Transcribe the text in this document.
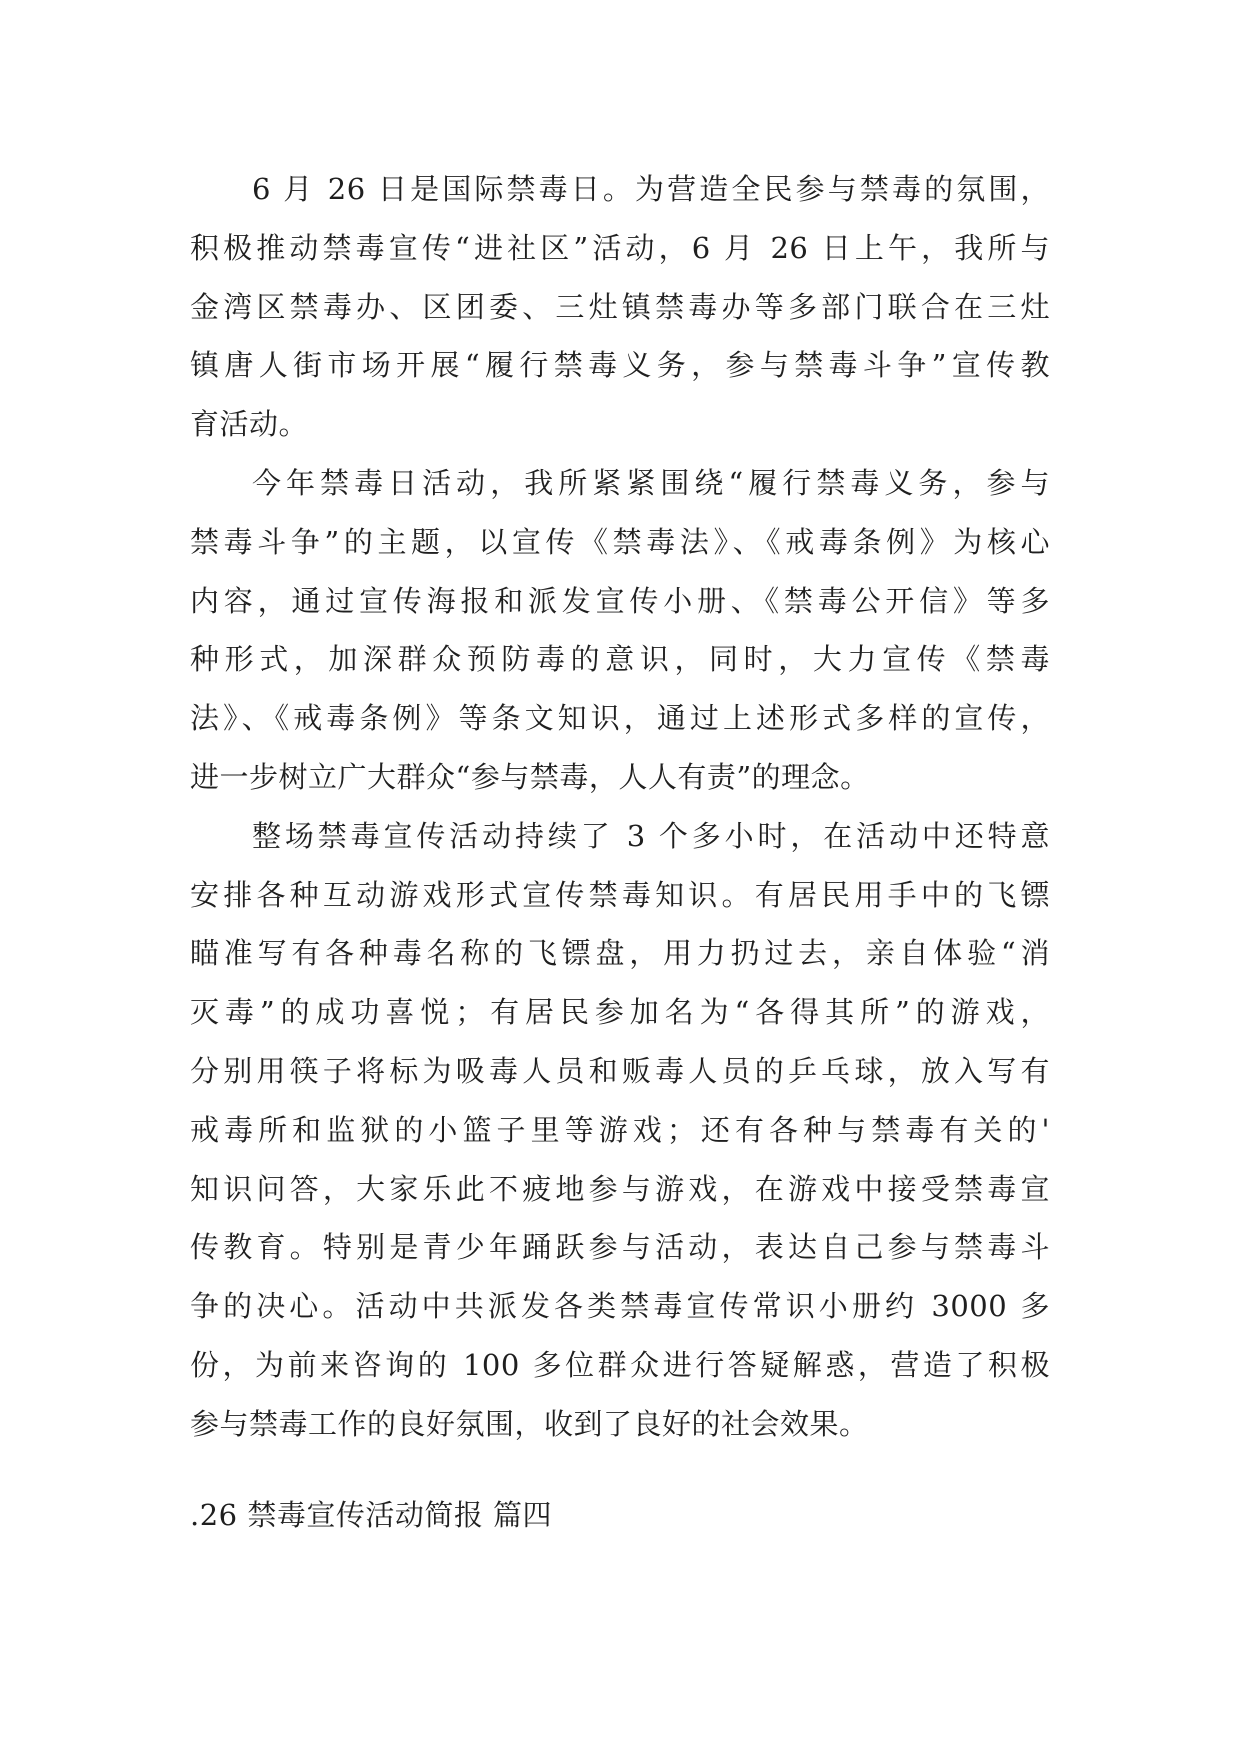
6 月 26 日是国际禁毒日。为营造全民参与禁毒的氛围，
积极推动禁毒宣传“进社区”活动，6 月 26 日上午，我所与
金湾区禁毒办、区团委、三灶镇禁毒办等多部门联合在三灶
镇唐人街市场开展“履行禁毒义务，参与禁毒斗争”宣传教
育活动。
今年禁毒日活动，我所紧紧围绕“履行禁毒义务，参与
禁毒斗争”的主题，以宣传《禁毒法》、《戒毒条例》为核心
内容，通过宣传海报和派发宣传小册、《禁毒公开信》等多
种形式，加深群众预防毒的意识，同时，大力宣传《禁毒
法》、《戒毒条例》等条文知识，通过上述形式多样的宣传，
进一步树立广大群众“参与禁毒，人人有责”的理念。
整场禁毒宣传活动持续了 3 个多小时，在活动中还特意
安排各种互动游戏形式宣传禁毒知识。有居民用手中的飞镖
瞄准写有各种毒名称的飞镖盘，用力扔过去，亲自体验“消
灭毒”的成功喜悦；有居民参加名为“各得其所”的游戏，
分别用筷子将标为吸毒人员和贩毒人员的乒乓球，放入写有
戒毒所和监狱的小篮子里等游戏；还有各种与禁毒有关的'
知识问答，大家乐此不疲地参与游戏，在游戏中接受禁毒宣
传教育。特别是青少年踊跃参与活动，表达自己参与禁毒斗
争的决心。活动中共派发各类禁毒宣传常识小册约 3000 多
份，为前来咨询的 100 多位群众进行答疑解惑，营造了积极
参与禁毒工作的良好氛围，收到了良好的社会效果。
.26 禁毒宣传活动简报 篇四
